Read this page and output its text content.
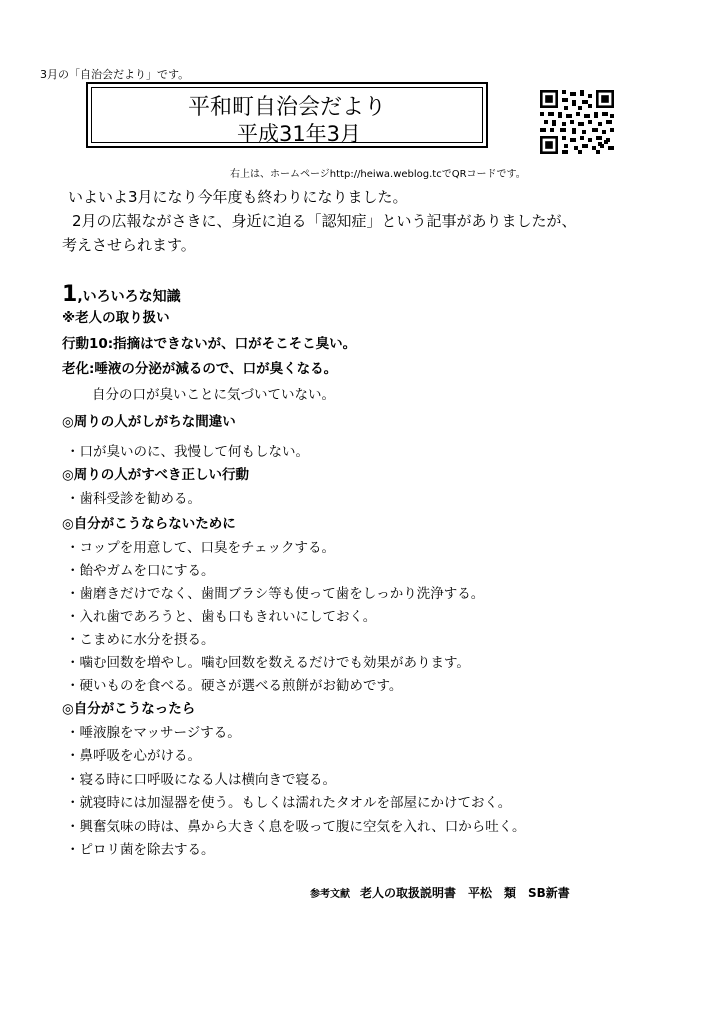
3月の「自治会だより」です。
平和町自治会だより
平成31年3月
右上は、ホームページhttp://heiwa.weblog.tcでQRコードです。
いよいよ3月になり今年度も終わりになりました。
2月の広報ながさきに、身近に迫る「認知症」という記事がありましたが、
考えさせられます。
1,いろいろな知識
※老人の取り扱い
行動10:指摘はできないが、口がそこそこ臭い。
老化:唾液の分泌が減るので、口が臭くなる。
自分の口が臭いことに気づいていない。
◎周りの人がしがちな間違い
・口が臭いのに、我慢して何もしない。
◎周りの人がすべき正しい行動
・歯科受診を勧める。
◎自分がこうならないために
・コップを用意して、口臭をチェックする。
・飴やガムを口にする。
・歯磨きだけでなく、歯間ブラシ等も使って歯をしっかり洗浄する。
・入れ歯であろうと、歯も口もきれいにしておく。
・こまめに水分を摂る。
・噛む回数を増やし。噛む回数を数えるだけでも効果があります。
・硬いものを食べる。硬さが選べる煎餅がお勧めです。
◎自分がこうなったら
・唾液腺をマッサージする。
・鼻呼吸を心がける。
・寝る時に口呼吸になる人は横向きで寝る。
・就寝時には加湿器を使う。もしくは濡れたタオルを部屋にかけておく。
・興奮気味の時は、鼻から大きく息を吸って腹に空気を入れ、口から吐く。
・ピロリ菌を除去する。
参考文献 老人の取扱説明書　平松　類　SB新書
